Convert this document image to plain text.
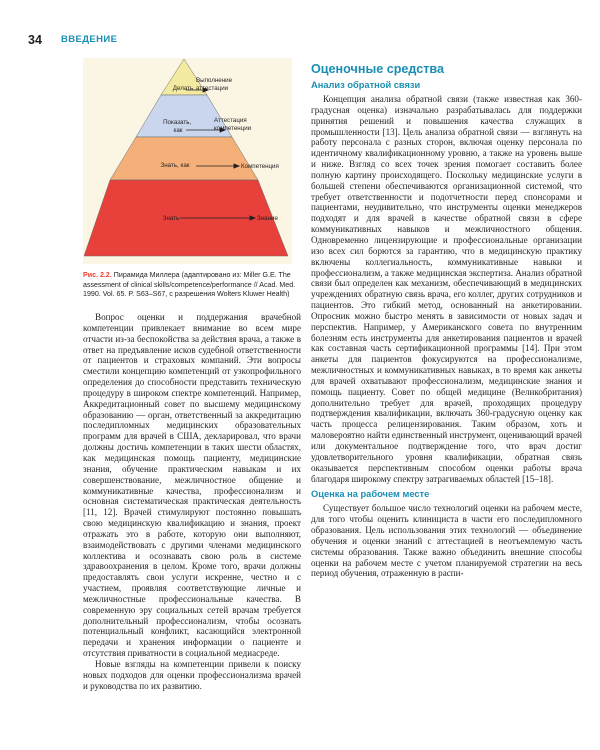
34 ВВЕДЕНИЕ
Делать
Показать, как
Знать, как
Знать
Выполнение аттестации
Аттестация компетенции
Компетенция
Знание
Рис. 2.2. Пирамида Миллера (адаптировано из: Miller G.E. The assessment of clinical skills/competence/performance // Acad. Med. 1990. Vol. 65. P. S63–S67, с разрешения Wolters Kluwer Health)

Вопрос оценки и поддержания врачебной компетенции привлекает внимание во всем мире отчасти из-за беспокойства за действия врача, а также в ответ на предъявление исков судебной ответственности от пациентов и страховых компаний. Эти вопросы сместили концепцию компетенций от узкопрофильного определения до способности представить техническую процедуру в широком спектре компетенций. Например, Аккредитационный совет по высшему медицинскому образованию — орган, ответственный за аккредитацию последипломных медицинских образовательных программ для врачей в США, декларировал, что врачи должны достичь компетенции в таких шести областях, как медицинская помощь пациенту, медицинские знания, обучение практическим навыкам и их совершенствование, межличностное общение и коммуникативные качества, профессионализм и основная систематическая практическая деятельность [11, 12]. Врачей стимулируют постоянно повышать свою медицинскую квалификацию и знания, проект отражать это в работе, которую они выполняют, взаимодействовать с другими членами медицинского коллектива и осознавать свою роль в системе здравоохранения в целом. Кроме того, врачи должны предоставлять свои услуги искренне, честно и с участием, проявляя соответствующие личные и межличностные профессиональные качества. В современную эру социальных сетей врачам требуется дополнительный профессионализм, чтобы осознать потенциальный конфликт, касающийся электронной передачи и хранения информации о пациенте и отсутствия приватности в социальной медиасреде.

Новые взгляды на компетенции привели к поиску новых подходов для оценки профессионализма врачей и руководства по их развитию.

Оценочные средства
Анализ обратной связи

Концепция анализа обратной связи (также известная как 360-градусная оценка) изначально разрабатывалась для поддержки принятия решений и повышения качества служащих в промышленности [13]. Цель анализа обратной связи — взглянуть на работу персонала с разных сторон, включая оценку персонала по идентичному квалификационному уровню, а также на уровень выше и ниже. Взгляд со всех точек зрения помогает составить более полную картину происходящего. Поскольку медицинские услуги в большей степени обеспечиваются организационной системой, что требует ответственности и подотчетности перед спонсорами и пациентами, неудивительно, что инструменты оценки менеджеров подходят и для врачей в качестве обратной связи в сфере коммуникативных навыков и межличностного общения. Одновременно лицензирующие и профессиональные организации изо всех сил борются за гарантию, что в медицинскую практику включены коллегиальность, коммуникативные навыки и профессионализм, а также медицинская экспертиза. Анализ обратной связи был определен как механизм, обеспечивающий в медицинских учреждениях обратную связь врача, его коллег, других сотрудников и пациентов. Это гибкий метод, основанный на анкетировании. Опросник можно быстро менять в зависимости от новых задач и перспектив. Например, у Американского совета по внутренним болезням есть инструменты для анкетирования пациентов и врачей как составная часть сертификационной программы [14]. При этом анкеты для пациентов фокусируются на профессионализме, межличностных и коммуникативных навыках, в то время как анкеты для врачей охватывают профессионализм, медицинские знания и помощь пациенту. Совет по общей медицине (Великобритания) дополнительно требует для врачей, проходящих процедуру подтверждения квалификации, включать 360-градусную оценку как часть процесса релицензирования. Таким образом, хоть и маловероятно найти единственный инструмент, оценивающий врачей или документальное подтверждение того, что врач достиг удовлетворительного уровня квалификации, обратная связь оказывается перспективным способом оценки работы врача благодаря широкому спектру затрагиваемых областей [15–18].

Оценка на рабочем месте

Существует большое число технологий оценки на рабочем месте, для того чтобы оценить клинициста в части его последипломного образования. Цель использования этих технологий — объединение обучения и оценки знаний с аттестацией в неотъемлемую часть системы образования. Также важно объединить внешние способы оценки на рабочем месте с учетом планируемой стратегии на весь период обучения, отраженную в распи-
